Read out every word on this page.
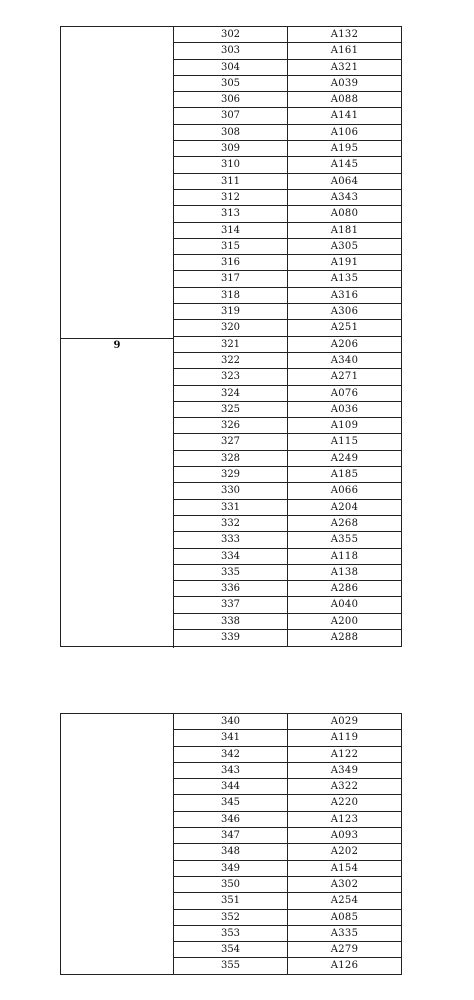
9
302	A132
303	A161
304	A321
305	A039
306	A088
307	A141
308	A106
309	A195
310	A145
311	A064
312	A343
313	A080
314	A181
315	A305
316	A191
317	A135
318	A316
319	A306
320	A251
321	A206
322	A340
323	A271
324	A076
325	A036
326	A109
327	A115
328	A249
329	A185
330	A066
331	A204
332	A268
333	A355
334	A118
335	A138
336	A286
337	A040
338	A200
339	A288
340	A029
341	A119
342	A122
343	A349
344	A322
345	A220
346	A123
347	A093
348	A202
349	A154
350	A302
351	A254
352	A085
353	A335
354	A279
355	A126
